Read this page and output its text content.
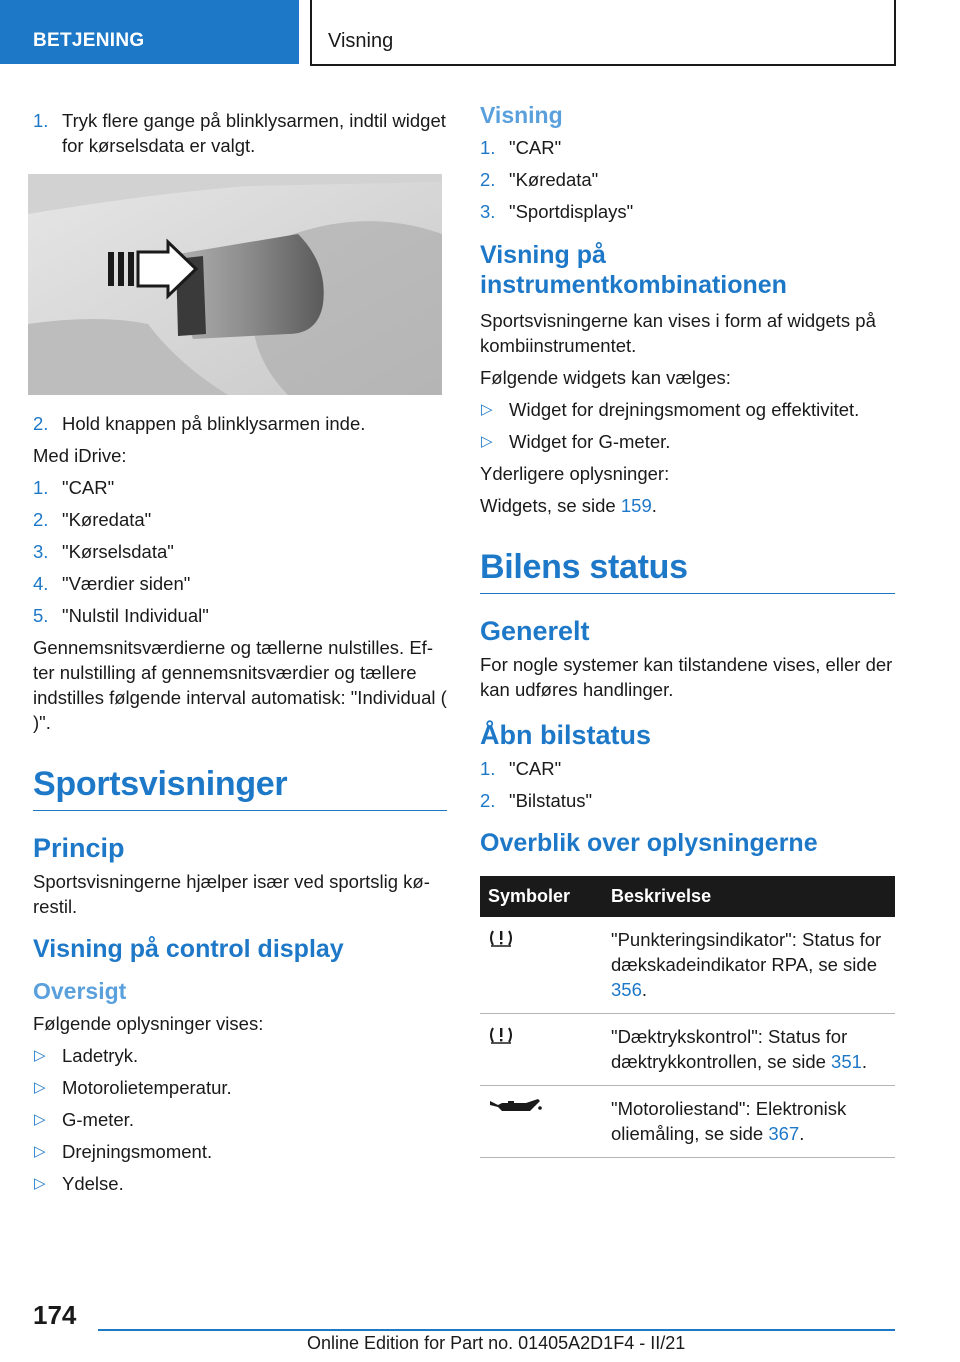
BETJENING	Visning
1. Tryk flere gange på blinklysarmen, indtil widget for kørselsdata er valgt.
2. Hold knappen på blinklysarmen inde.

Med iDrive:

1. "CAR"
2. "Køredata"
3. "Kørselsdata"
4. "Værdier siden"
5. "Nulstil Individual"

Gennemsnitsværdierne og tællerne nulstilles. Efter nulstilling af gennemsnitsværdier og tællere indstilles følgende interval automatisk: "Individual ( )".

Sportsvisninger
Princip

Sportsvisningerne hjælper især ved sportslig kørestil.

Visning på control display
Oversigt

Følgende oplysninger vises:

▷ Ladetryk.
▷ Motorolietemperatur.
▷ G-meter.
▷ Drejningsmoment.
▷ Ydelse.
Visning
1. "CAR"
2. "Køredata"
3. "Sportdisplays"
Visning på instrumentkombinationen

Sportsvisningerne kan vises i form af widgets på kombiinstrumentet.

Følgende widgets kan vælges:

▷ Widget for drejningsmoment og effektivitet.
▷ Widget for G-meter.

Yderligere oplysninger:

Widgets, se side 159.

Bilens status
Generelt

For nogle systemer kan tilstandene vises, eller der kan udføres handlinger.

Åbn bilstatus
1. "CAR"
2. "Bilstatus"
Overblik over oplysningerne
Symboler	Beskrivelse
	"Punkteringsindikator": Status for dækskadeindikator RPA, se side 356.
	"Dæktrykskontrol": Status for dæktrykkontrollen, se side 351.
	"Motoroliestand": Elektronisk oliemåling, se side 367.
174
Online Edition for Part no. 01405A2D1F4 - II/21
